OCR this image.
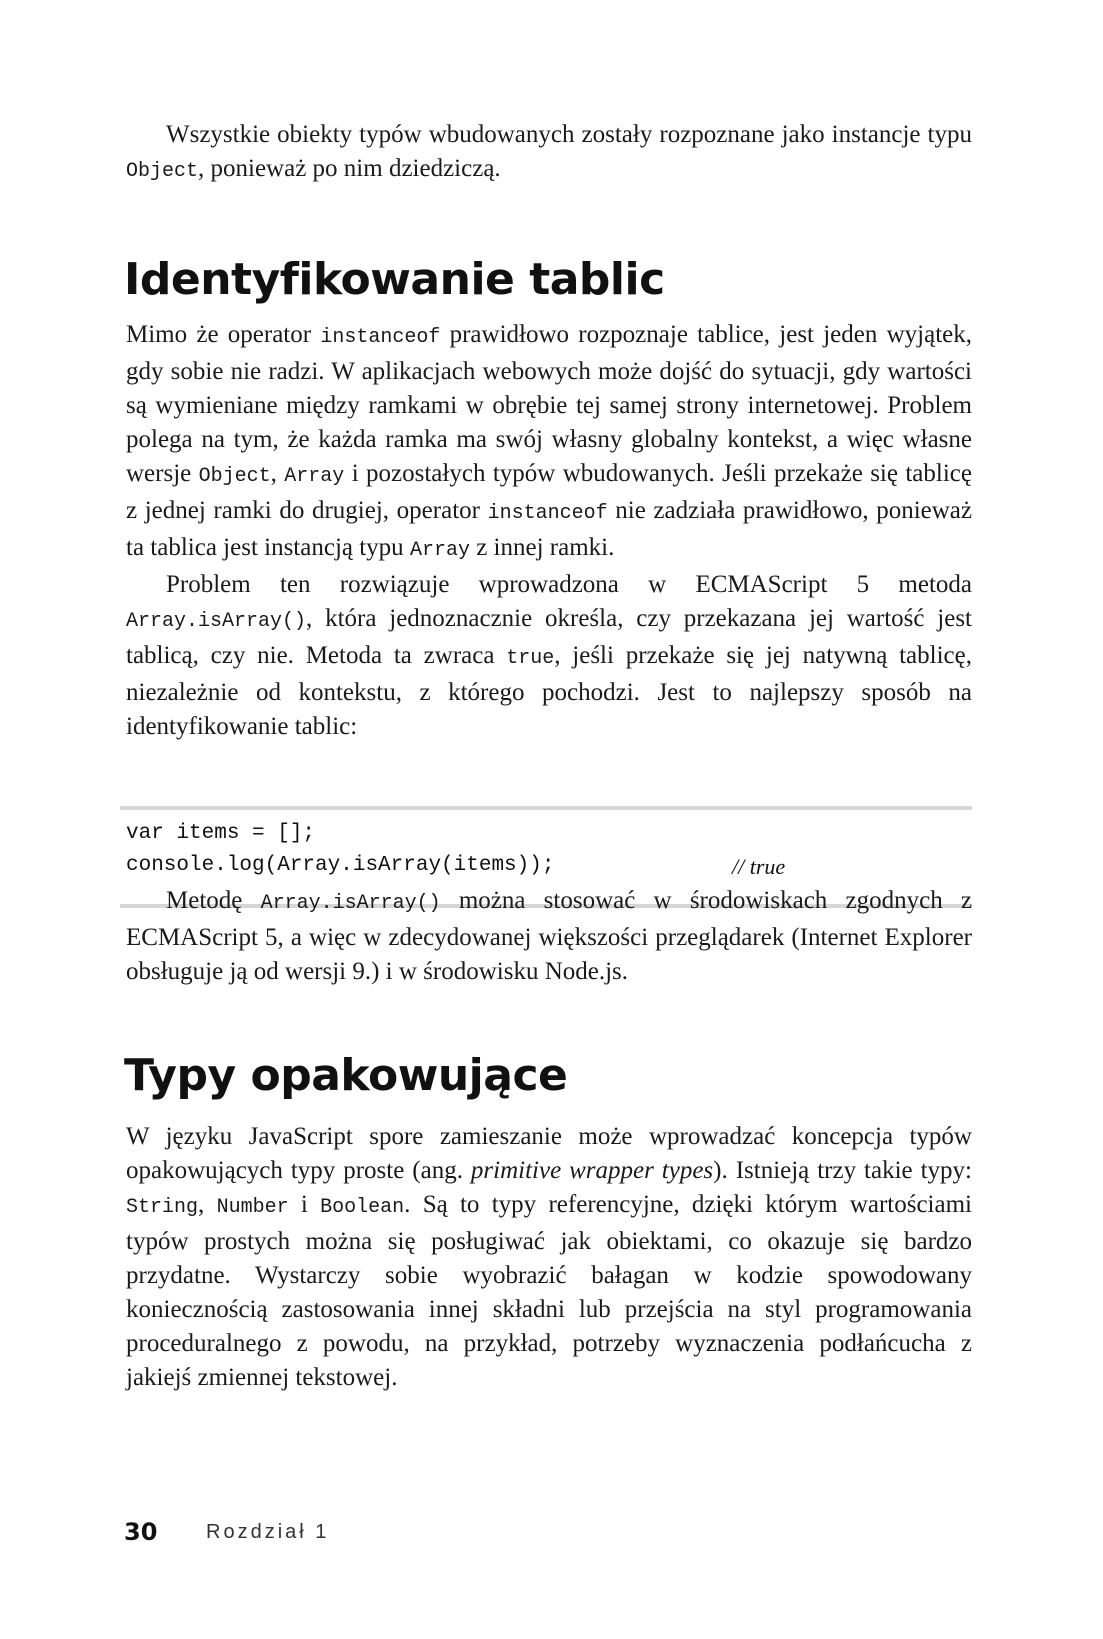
Wszystkie obiekty typów wbudowanych zostały rozpoznane jako instancje typu Object, ponieważ po nim dziedziczą.

Identyfikowanie tablic

Mimo że operator instanceof prawidłowo rozpoznaje tablice, jest jeden wyjątek, gdy sobie nie radzi. W aplikacjach webowych może dojść do sytuacji, gdy wartości są wymieniane między ramkami w obrębie tej samej strony internetowej. Problem polega na tym, że każda ramka ma swój własny globalny kontekst, a więc własne wersje Object, Array i pozostałych typów wbudowanych. Jeśli przekaże się tablicę z jednej ramki do drugiej, operator instanceof nie zadziała prawidłowo, ponieważ ta tablica jest instancją typu Array z innej ramki.

Problem ten rozwiązuje wprowadzona w ECMAScript 5 metoda Array.isArray(), która jednoznacznie określa, czy przekazana jej wartość jest tablicą, czy nie. Metoda ta zwraca true, jeśli przekaże się jej natywną tablicę, niezależnie od kontekstu, z którego pochodzi. Jest to najlepszy sposób na identyfikowanie tablic:

var items = [];
console.log(Array.isArray(items));	// true

Metodę Array.isArray() można stosować w środowiskach zgodnych z ECMAScript 5, a więc w zdecydowanej większości przeglądarek (Internet Explorer obsługuje ją od wersji 9.) i w środowisku Node.js.

Typy opakowujące

W języku JavaScript spore zamieszanie może wprowadzać koncepcja typów opakowujących typy proste (ang. primitive wrapper types). Istnieją trzy takie typy: String, Number i Boolean. Są to typy referencyjne, dzięki którym wartościami typów prostych można się posługiwać jak obiektami, co okazuje się bardzo przydatne. Wystarczy sobie wyobrazić bałagan w kodzie spowodowany koniecznością zastosowania innej składni lub przejścia na styl programowania proceduralnego z powodu, na przykład, potrzeby wyznaczenia podłańcucha z jakiejś zmiennej tekstowej.

30 Rozdział 1
